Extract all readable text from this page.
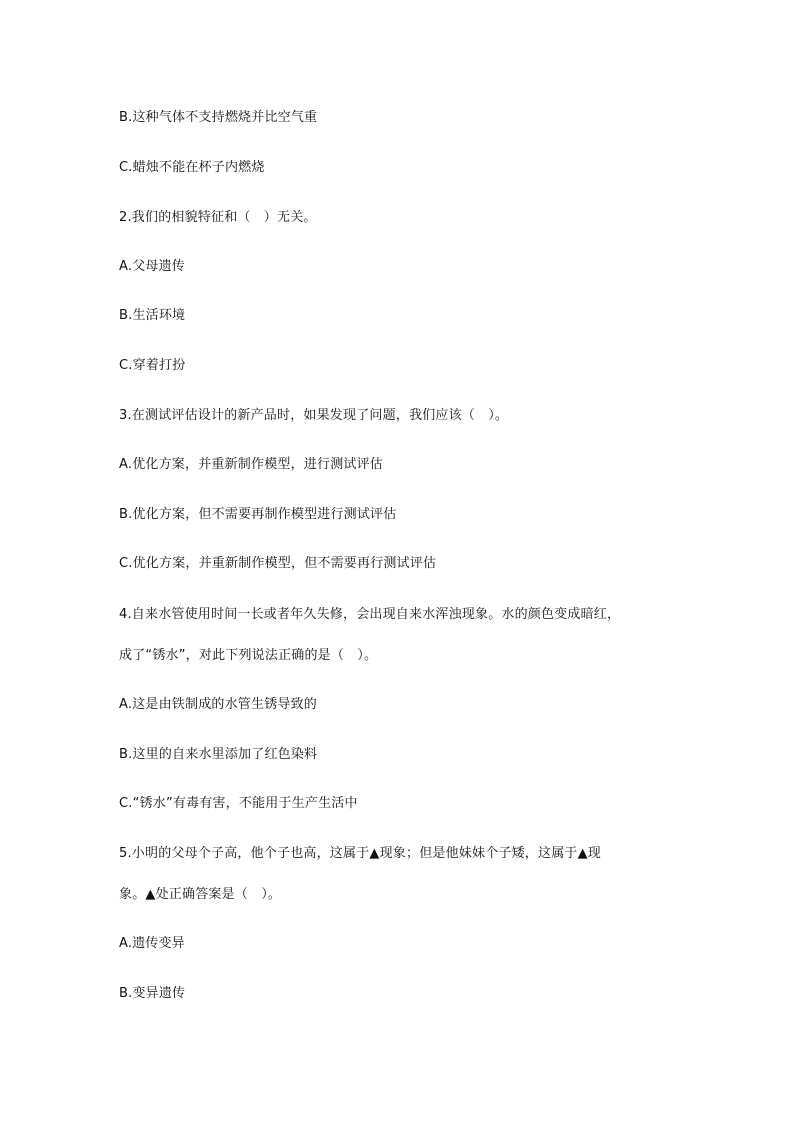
B.这种气体不支持燃烧并比空气重
C.蜡烛不能在杯子内燃烧
2.我们的相貌特征和（　）无关。
A.父母遗传
B.生活环境
C.穿着打扮
3.在测试评估设计的新产品时，如果发现了问题，我们应该（　）。
A.优化方案，并重新制作模型，进行测试评估
B.优化方案，但不需要再制作模型进行测试评估
C.优化方案，并重新制作模型，但不需要再行测试评估
4.自来水管使用时间一长或者年久失修，会出现自来水浑浊现象。水的颜色变成暗红，
成了“锈水”，对此下列说法正确的是（　）。
A.这是由铁制成的水管生锈导致的
B.这里的自来水里添加了红色染料
C.“锈水”有毒有害，不能用于生产生活中
5.小明的父母个子高，他个子也高，这属于▲现象；但是他妹妹个子矮，这属于▲现
象。▲处正确答案是（　）。
A.遗传变异
B.变异遗传
